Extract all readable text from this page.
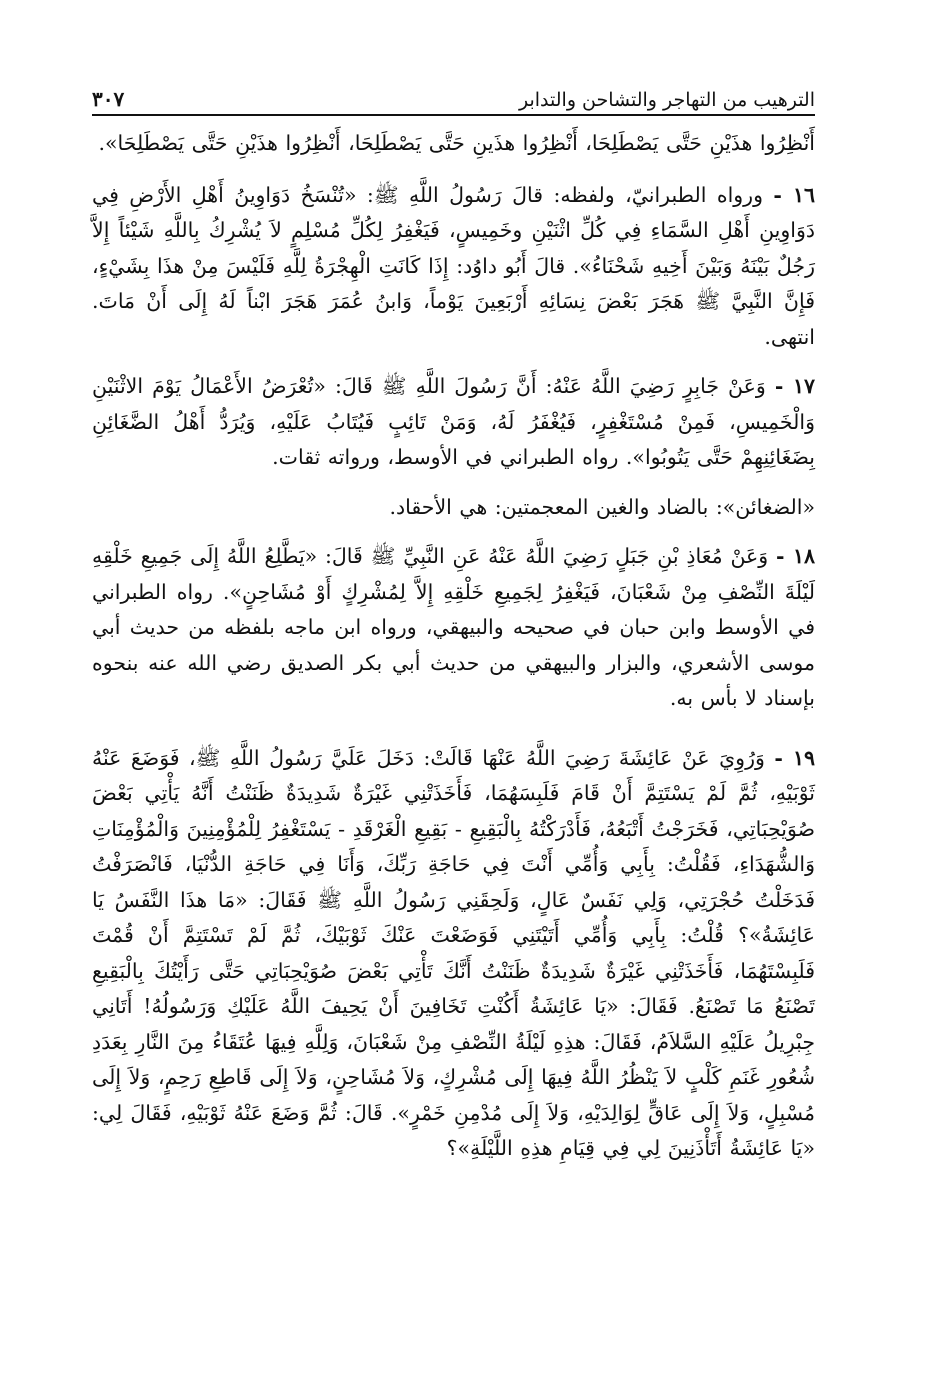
الترهيب من التهاجر والتشاحن والتدابر
٣٠٧

أَنْظِرُوا هذَيْنِ حَتَّى يَصْطَلِحَا، أَنْظِرُوا هذَينِ حَتَّى يَصْطَلِحَا، أَنْظِرُوا هذَيْنِ حَتَّى يَصْطَلِحَا».

١٦ - ورواه الطبرانيّ، ولفظه: قالَ رَسُولُ اللَّهِ ﷺ: «تُنْسَخُ دَوَاوِينُ أَهْلِ الأَرْضِ فِي دَوَاوِينِ أَهْلِ السَّمَاءِ فِي كُلِّ اثْنَيْنِ وخَمِيسٍ، فَيَغْفِرُ لِكُلِّ مُسْلِمٍ لاَ يُشْرِكُ بِاللَّهِ شَيْئاً إِلاَّ رَجُلٌ بَيْنَهُ وَبَيْنَ أَخِيهِ شَحْنَاءُ». قالَ أَبُو داوُد: إِذَا كَانَتِ الْهِجْرَةُ لِلَّهِ فَلَيْسَ مِنْ هذَا بِشَيْءٍ، فَإِنَّ النَّبِيَّ ﷺ هَجَرَ بَعْضَ نِسَائِهِ أَرْبَعِينَ يَوْماً، وَابنُ عُمَرَ هَجَرَ ابْناً لَهُ إِلَى أَنْ مَاتَ. انتهى.

١٧ - وَعَنْ جَابِرٍ رَضِيَ اللَّهُ عَنْهُ: أَنَّ رَسُولَ اللَّهِ ﷺ قَالَ: «تُعْرَضُ الأَعْمَالُ يَوْمَ الاثْنَيْنِ وَالْخَمِيسِ، فَمِنْ مُسْتَغْفِرٍ، فَيُغْفَرُ لَهُ، وَمَنْ تَائِبٍ فَيُتَابُ عَلَيْهِ، وَيُرَدُّ أَهْلُ الضَّغَائِنِ بِضَغَائِنِهِمْ حَتَّى يَتُوبُوا». رواه الطبراني في الأوسط، ورواته ثقات.

«الضغائن»: بالضاد والغين المعجمتين: هي الأحقاد.

١٨ - وَعَنْ مُعَاذِ بْنِ جَبَلٍ رَضِيَ اللَّهُ عَنْهُ عَنِ النَّبِيِّ ﷺ قَالَ: «يَطَّلِعُ اللَّهُ إِلَى جَمِيعِ خَلْقِهِ لَيْلَةَ النِّصْفِ مِنْ شَعْبَانَ، فَيَغْفِرُ لِجَمِيعِ خَلْقِهِ إِلاَّ لِمُشْرِكٍ أَوْ مُشَاحِنٍ». رواه الطبراني في الأوسط وابن حبان في صحيحه والبيهقي، ورواه ابن ماجه بلفظه من حديث أبي موسى الأشعري، والبزار والبيهقي من حديث أبي بكر الصديق رضي الله عنه بنحوه بإسناد لا بأس به.

١٩ - وَرُوِيَ عَنْ عَائِشَةَ رَضِيَ اللَّهُ عَنْهَا قَالَتْ: دَخَلَ عَلَيَّ رَسُولُ اللَّهِ ﷺ، فَوَضَعَ عَنْهُ ثَوْبَيْهِ، ثُمَّ لَمْ يَسْتَتِمَّ أَنْ قَامَ فَلَبِسَهُمَا، فَأَخَذَتْنِي غَيْرَةٌ شَدِيدَةٌ ظَنَنْتُ أَنَّهُ يَأْتِي بَعْضَ صُوَيْحِبَاتِي، فَخَرَجْتُ أَتْبَعُهُ، فَأَدْرَكْتُهُ بِالْبَقِيعِ - بَقِيعِ الْغَرْقَدِ - يَسْتَغْفِرُ لِلْمُؤْمِنِينَ وَالْمُؤْمِنَاتِ وَالشُّهَدَاءِ، فَقُلْتُ: بِأَبِي وَأُمِّي أَنْتَ فِي حَاجَةِ رَبِّكَ، وَأَنَا فِي حَاجَةِ الدُّنْيَا، فَانْصَرَفْتُ فَدَخَلْتُ حُجْرَتِي، وَلِي نَفَسٌ عَالٍ، وَلَحِقَنِي رَسُولُ اللَّهِ ﷺ فَقَالَ: «مَا هذَا النَّفَسُ يَا عَائِشَةُ»؟ قُلْتُ: بِأَبِي وَأُمِّي أَتَيْتَنِي فَوَضَعْتَ عَنْكَ ثَوْبَيْكَ، ثُمَّ لَمْ تَسْتَتِمَّ أَنْ قُمْتَ فَلَبِسْتَهُمَا، فَأَخَذَتْنِي غَيْرَةٌ شَدِيدَةٌ ظَنَنْتُ أَنَّكَ تَأْتِي بَعْضَ صُوَيْحِبَاتِي حَتَّى رَأَيْتُكَ بِالْبَقِيعِ تَصْنَعُ مَا تَصْنَعُ. فَقَالَ: «يَا عَائِشَةُ أَكُنْتِ تَخَافِينَ أَنْ يَحِيفَ اللَّهُ عَلَيْكِ وَرَسُولُهُ! أَتَانِي جِبْرِيلُ عَلَيْهِ السَّلاَمُ، فَقَالَ: هذِهِ لَيْلَةُ النِّصْفِ مِنْ شَعْبَانَ، وَلِلَّهِ فِيهَا عُتَقَاءُ مِنَ النَّارِ بِعَدَدِ شُعُورِ غَنَمِ كَلْبٍ لاَ يَنْظُرُ اللَّهُ فِيهَا إِلَى مُشْرِكٍ، وَلاَ مُشَاحِنٍ، وَلاَ إِلَى قَاطِعِ رَحِمٍ، وَلاَ إِلَى مُسْبِلٍ، وَلاَ إِلَى عَاقٍّ لِوَالِدَيْهِ، وَلاَ إِلَى مُدْمِنِ خَمْرٍ». قَالَ: ثُمَّ وَضَعَ عَنْهُ ثَوْبَيْهِ، فَقَالَ لِي: «يَا عَائِشَةُ أَتَأْذَنِينَ لِي فِي قِيَامِ هذِهِ اللَّيْلَةِ»؟
